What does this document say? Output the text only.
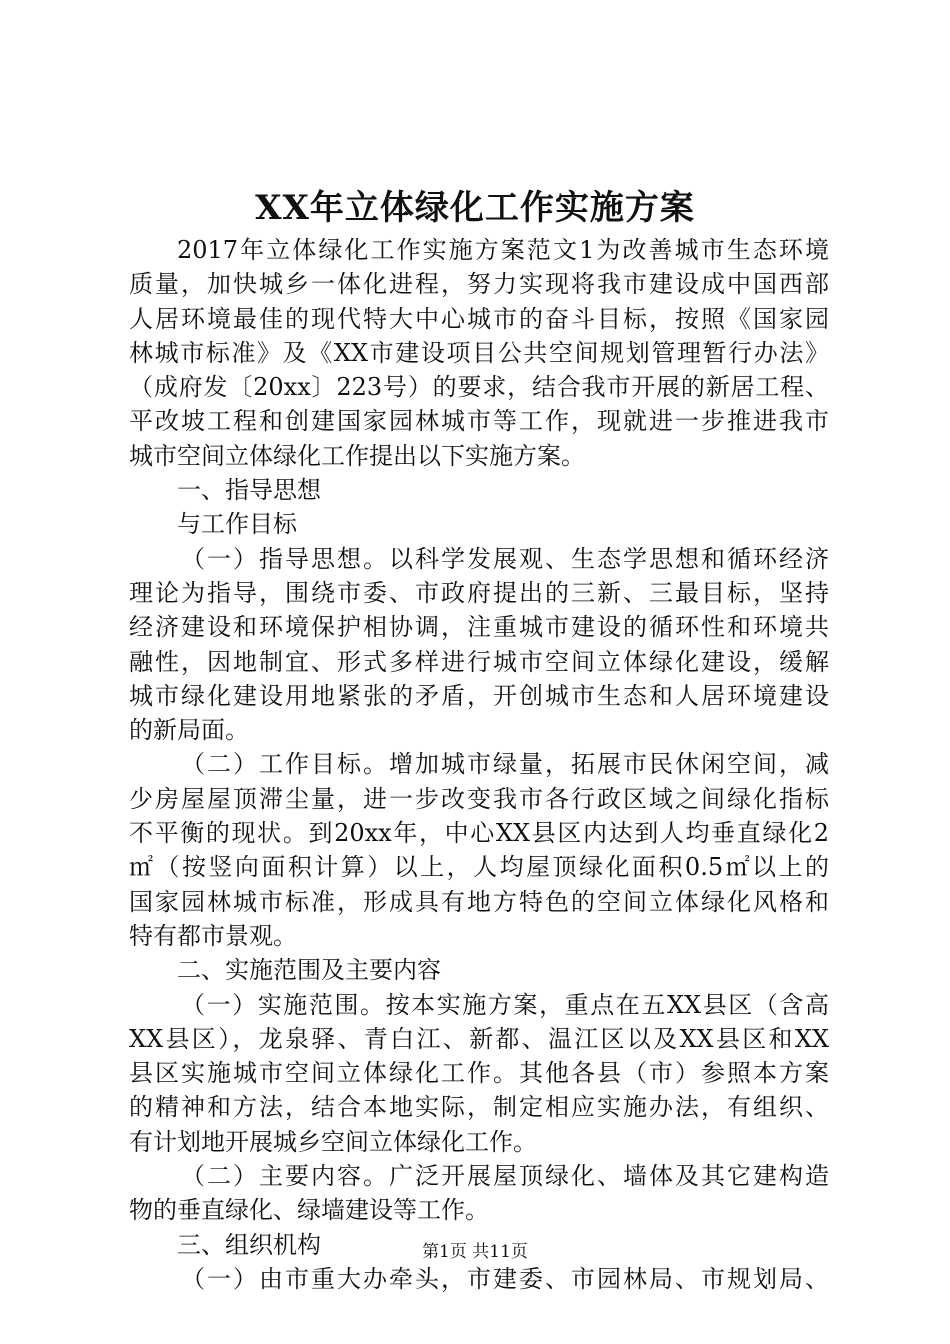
XX年立体绿化工作实施方案
2017年立体绿化工作实施方案范文1为改善城市生态环境
质量，加快城乡一体化进程，努力实现将我市建设成中国西部
人居环境最佳的现代特大中心城市的奋斗目标，按照《国家园
林城市标准》及《XX市建设项目公共空间规划管理暂行办法》
（成府发〔20xx〕223号）的要求，结合我市开展的新居工程、
平改坡工程和创建国家园林城市等工作，现就进一步推进我市
城市空间立体绿化工作提出以下实施方案。
一、指导思想
与工作目标
（一）指导思想。以科学发展观、生态学思想和循环经济
理论为指导，围绕市委、市政府提出的三新、三最目标，坚持
经济建设和环境保护相协调，注重城市建设的循环性和环境共
融性，因地制宜、形式多样进行城市空间立体绿化建设，缓解
城市绿化建设用地紧张的矛盾，开创城市生态和人居环境建设
的新局面。
（二）工作目标。增加城市绿量，拓展市民休闲空间，减
少房屋屋顶滞尘量，进一步改变我市各行政区域之间绿化指标
不平衡的现状。到20xx年，中心XX县区内达到人均垂直绿化2
㎡（按竖向面积计算）以上，人均屋顶绿化面积0.5㎡以上的
国家园林城市标准，形成具有地方特色的空间立体绿化风格和
特有都市景观。
二、实施范围及主要内容
（一）实施范围。按本实施方案，重点在五XX县区（含高
XX县区），龙泉驿、青白江、新都、温江区以及XX县区和XX
县区实施城市空间立体绿化工作。其他各县（市）参照本方案
的精神和方法，结合本地实际，制定相应实施办法，有组织、
有计划地开展城乡空间立体绿化工作。
（二）主要内容。广泛开展屋顶绿化、墙体及其它建构造
物的垂直绿化、绿墙建设等工作。
三、组织机构
（一）由市重大办牵头，市建委、市园林局、市规划局、
第1页 共11页
